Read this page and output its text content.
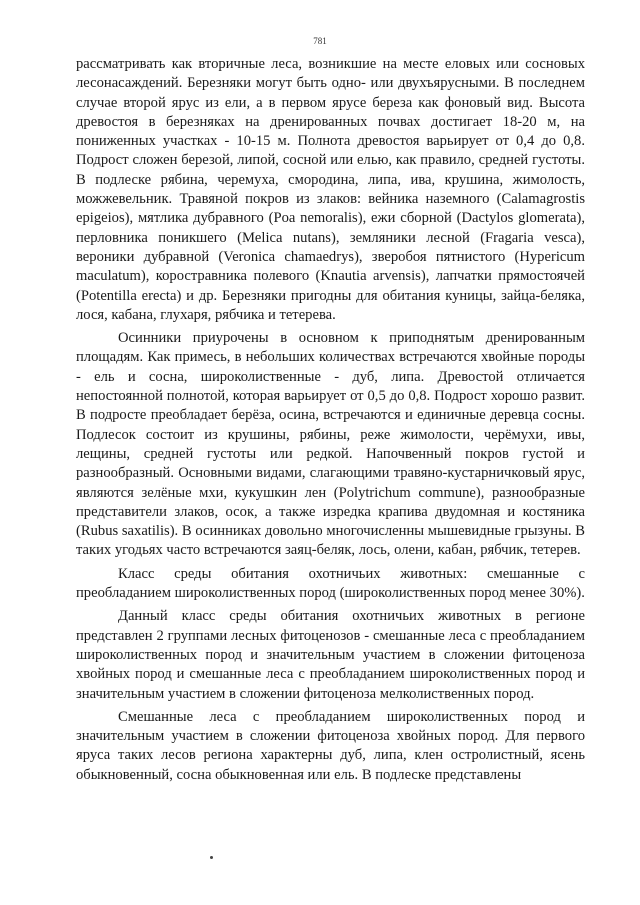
781

рассматривать как вторичные леса, возникшие на месте еловых или сосновых лесонасаждений. Березняки могут быть одно- или двухъярусными. В последнем случае второй ярус из ели, а в первом ярусе береза как фоновый вид. Высота древостоя в березняках на дренированных почвах достигает 18-20 м, на пониженных участках - 10-15 м. Полнота древостоя варьирует от 0,4 до 0,8. Подрост сложен березой, липой, сосной или елью, как правило, средней густоты. В подлеске рябина, черемуха, смородина, липа, ива, крушина, жимолость, можжевельник. Травяной покров из злаков: вейника наземного (Calamagrostis epigeios), мятлика дубравного (Poa nemoralis), ежи сборной (Dactylos glomerata), перловника поникшего (Melica nutans), земляники лесной (Fragaria vesca), вероники дубравной (Veronica chamaedrys), зверобоя пятнистого (Hypericum maculatum), коростравника полевого (Knautia arvensis), лапчатки прямостоячей (Potentilla erecta) и др. Березняки пригодны для обитания куницы, зайца-беляка, лося, кабана, глухаря, рябчика и тетерева.

Осинники приурочены в основном к приподнятым дренированным площадям. Как примесь, в небольших количествах встречаются хвойные породы - ель и сосна, широколиственные - дуб, липа. Древостой отличается непостоянной полнотой, которая варьирует от 0,5 до 0,8. Подрост хорошо развит. В подросте преобладает берёза, осина, встречаются и единичные деревца сосны. Подлесок состоит из крушины, рябины, реже жимолости, черёмухи, ивы, лещины, средней густоты или редкой. Напочвенный покров густой и разнообразный. Основными видами, слагающими травяно-кустарничковый ярус, являются зелёные мхи, кукушкин лен (Polytrichum commune), разнообразные представители злаков, осок, а также изредка крапива двудомная и костяника (Rubus saxatilis). В осинниках довольно многочисленны мышевидные грызуны. В таких угодьях часто встречаются заяц-беляк, лось, олени, кабан, рябчик, тетерев.

Класс среды обитания охотничьих животных: смешанные с преобладанием широколиственных пород (широколиственных пород менее 30%).

Данный класс среды обитания охотничьих животных в регионе представлен 2 группами лесных фитоценозов - смешанные леса с преобладанием широколиственных пород и значительным участием в сложении фитоценоза хвойных пород и смешанные леса с преобладанием широколиственных пород и значительным участием в сложении фитоценоза мелколиственных пород.

Смешанные леса с преобладанием широколиственных пород и значительным участием в сложении фитоценоза хвойных пород. Для первого яруса таких лесов региона характерны дуб, липа, клен остролистный, ясень обыкновенный, сосна обыкновенная или ель. В подлеске представлены
